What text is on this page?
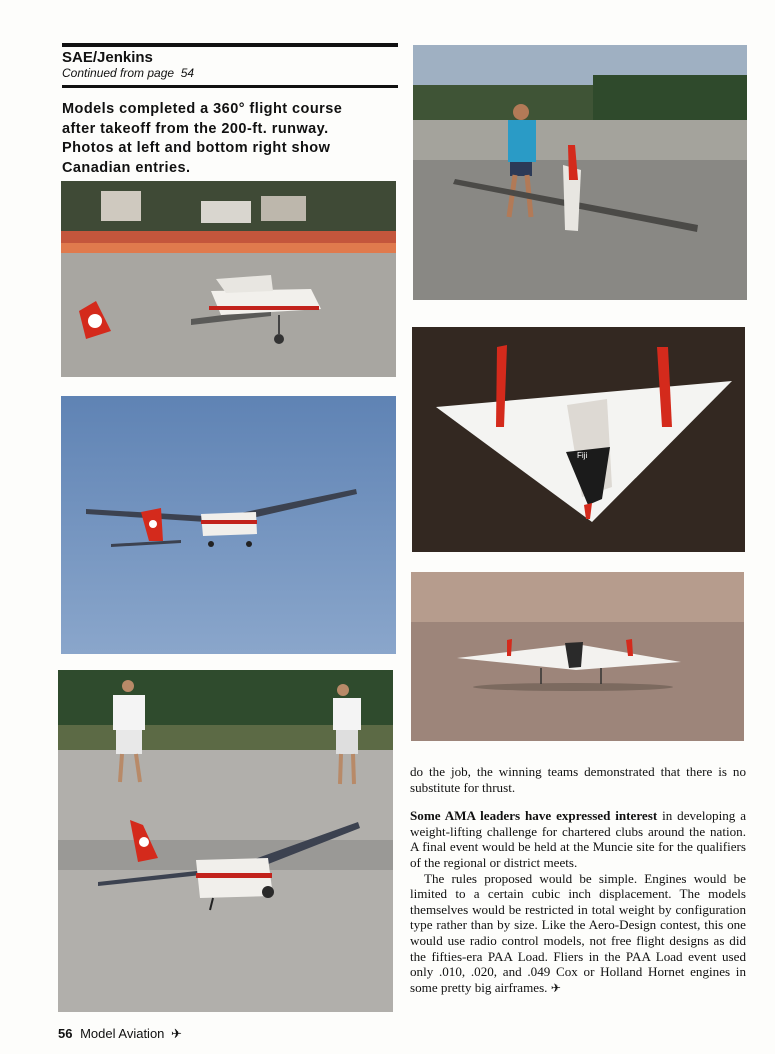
SAE/Jenkins
Continued from page  54
Models completed a 360° flight course
after takeoff from the 200-ft. runway.
Photos at left and bottom right show
Canadian entries.
Fiji

do the job, the winning teams demonstrated that there is no substitute for thrust.

Some AMA leaders have expressed interest in developing a weight-lifting challenge for chartered clubs around the nation. A final event would be held at the Muncie site for the qualifiers of the regional or district meets.

The rules proposed would be simple. Engines would be limited to a certain cubic inch displacement. The models themselves would be restricted in total weight by configuration type rather than by size. Like the Aero-Design contest, this one would use radio control models, not free flight designs as did the fifties-era PAA Load. Fliers in the PAA Load event used only .010, .020, and .049 Cox or Holland Hornet engines in some pretty big airframes. ✈

56 Model Aviation ✈
